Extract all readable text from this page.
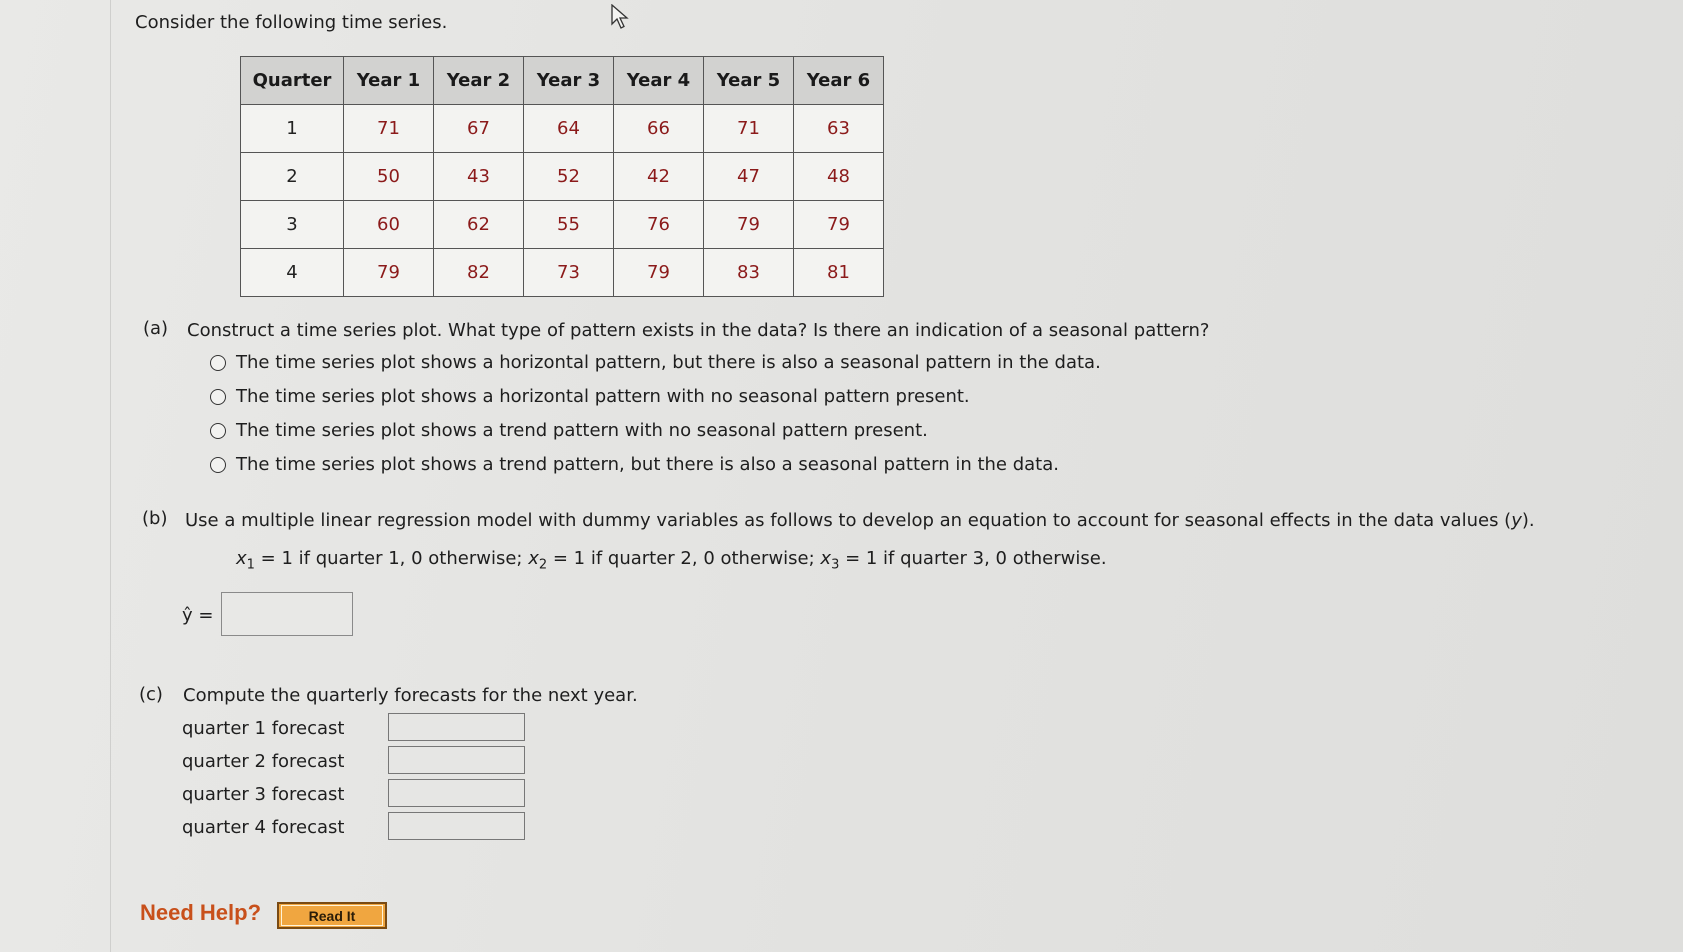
Consider the following time series.
Quarter	Year 1	Year 2	Year 3	Year 4	Year 5	Year 6
1	71	67	64	66	71	63
2	50	43	52	42	47	48
3	60	62	55	76	79	79
4	79	82	73	79	83	81
(a) Construct a time series plot. What type of pattern exists in the data? Is there an indication of a seasonal pattern?
The time series plot shows a horizontal pattern, but there is also a seasonal pattern in the data.
The time series plot shows a horizontal pattern with no seasonal pattern present.
The time series plot shows a trend pattern with no seasonal pattern present.
The time series plot shows a trend pattern, but there is also a seasonal pattern in the data.
(b) Use a multiple linear regression model with dummy variables as follows to develop an equation to account for seasonal effects in the data values (y).
$x_1 = 1$ if quarter 1, 0 otherwise; $x_2 = 1$ if quarter 2, 0 otherwise; $x_3 = 1$ if quarter 3, 0 otherwise.
ŷ =
(c) Compute the quarterly forecasts for the next year.
quarter 1 forecast
quarter 2 forecast
quarter 3 forecast
quarter 4 forecast
Need Help?	Read It
